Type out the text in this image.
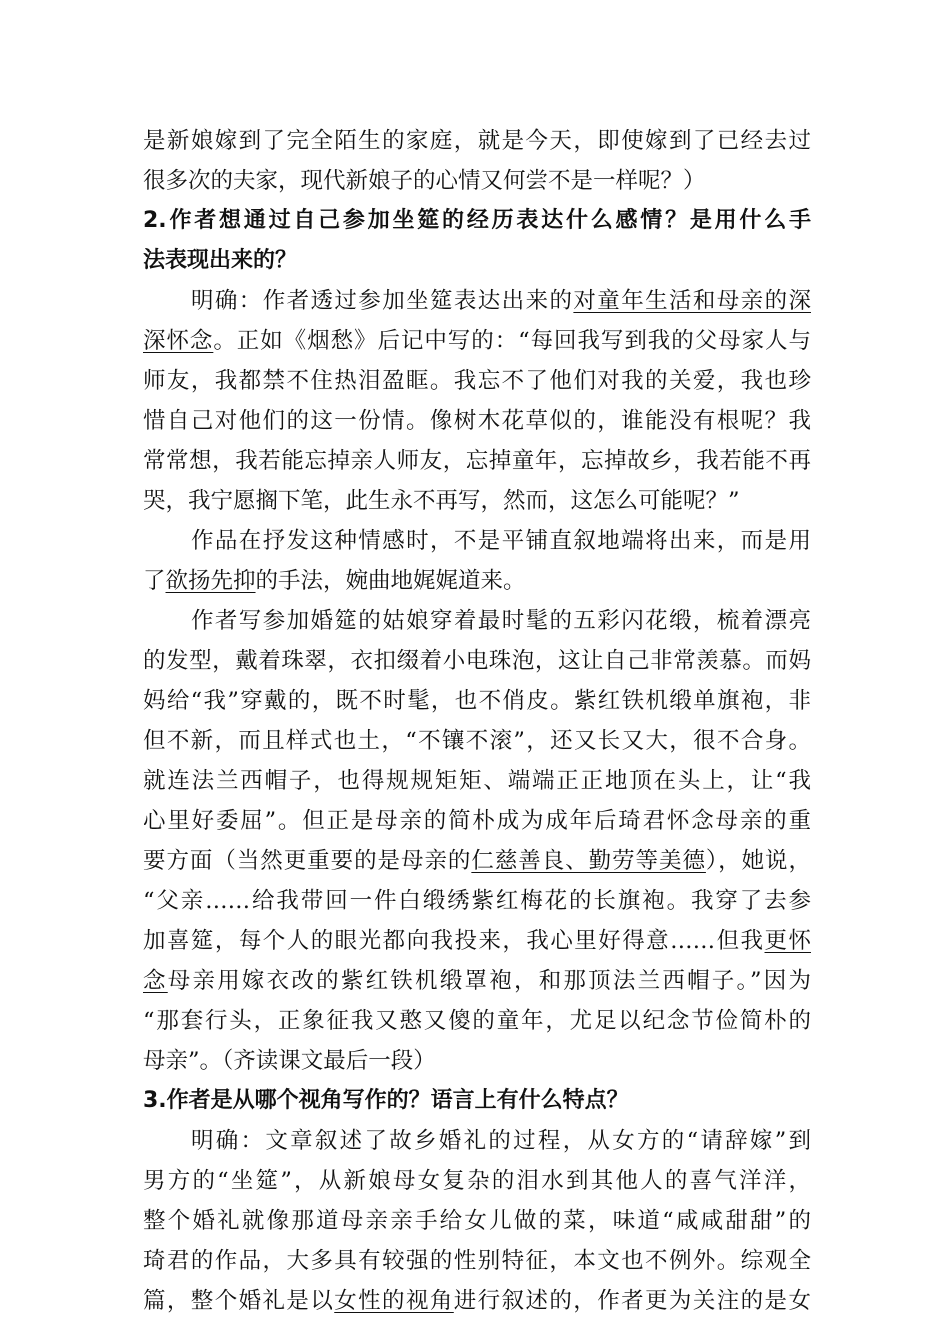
是新娘嫁到了完全陌生的家庭，就是今天，即使嫁到了已经去过
很多次的夫家，现代新娘子的心情又何尝不是一样呢？）
2.作者想通过自己参加坐筵的经历表达什么感情？是用什么手
法表现出来的？
明确：作者透过参加坐筵表达出来的对童年生活和母亲的深
深怀念。正如《烟愁》后记中写的：“每回我写到我的父母家人与
师友，我都禁不住热泪盈眶。我忘不了他们对我的关爱，我也珍
惜自己对他们的这一份情。像树木花草似的，谁能没有根呢？我
常常想，我若能忘掉亲人师友，忘掉童年，忘掉故乡，我若能不再
哭，我宁愿搁下笔，此生永不再写，然而，这怎么可能呢？”
作品在抒发这种情感时，不是平铺直叙地端将出来，而是用
了欲扬先抑的手法，婉曲地娓娓道来。
作者写参加婚筵的姑娘穿着最时髦的五彩闪花缎，梳着漂亮
的发型，戴着珠翠，衣扣缀着小电珠泡，这让自己非常羡慕。而妈
妈给“我”穿戴的，既不时髦，也不俏皮。紫红铁机缎单旗袍，非
但不新，而且样式也土，“不镶不滚”，还又长又大，很不合身。
就连法兰西帽子，也得规规矩矩、端端正正地顶在头上，让“我
心里好委屈”。但正是母亲的简朴成为成年后琦君怀念母亲的重
要方面（当然更重要的是母亲的仁慈善良、勤劳等美德），她说，
“父亲……给我带回一件白缎绣紫红梅花的长旗袍。我穿了去参
加喜筵，每个人的眼光都向我投来，我心里好得意……但我更怀
念母亲用嫁衣改的紫红铁机缎罩袍，和那顶法兰西帽子。”因为
“那套行头，正象征我又憨又傻的童年，尤足以纪念节俭简朴的
母亲”。（齐读课文最后一段）
3.作者是从哪个视角写作的？语言上有什么特点？
明确：文章叙述了故乡婚礼的过程，从女方的“请辞嫁”到
男方的“坐筵”，从新娘母女复杂的泪水到其他人的喜气洋洋，
整个婚礼就像那道母亲亲手给女儿做的菜，味道“咸咸甜甜”的
琦君的作品，大多具有较强的性别特征，本文也不例外。综观全
篇，整个婚礼是以女性的视角进行叙述的，作者更为关注的是女
